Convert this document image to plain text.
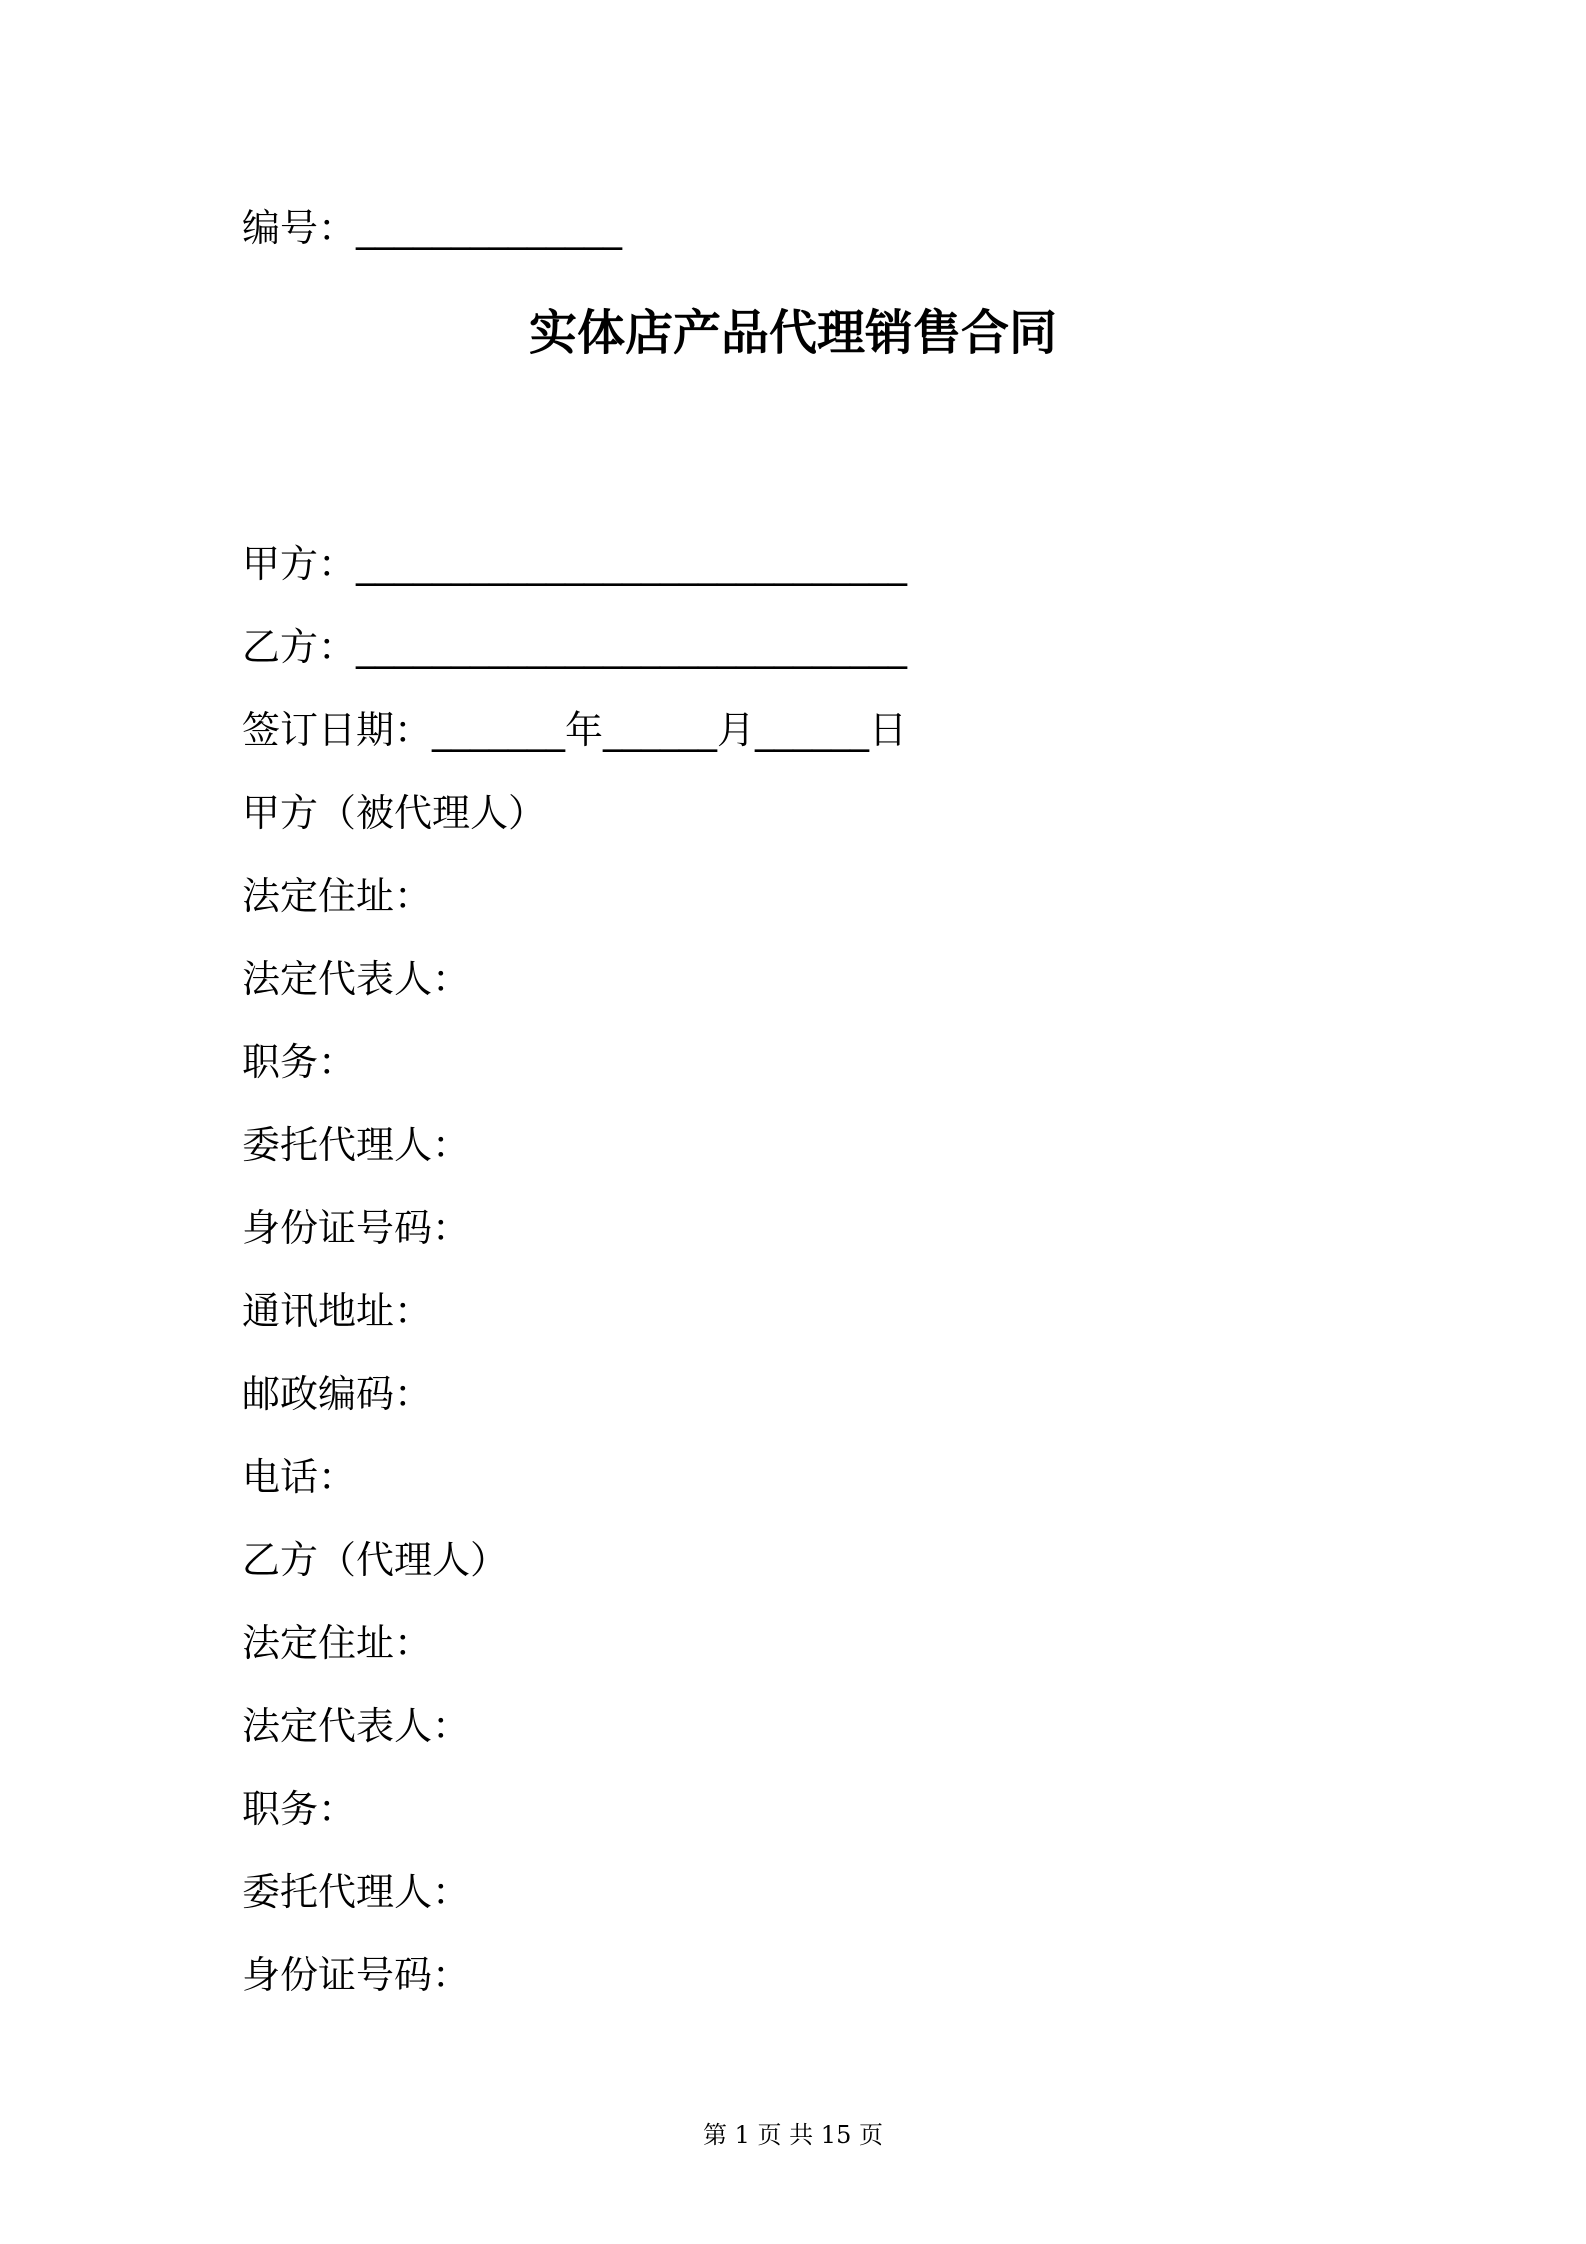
编号：______________
实体店产品代理销售合同
甲方：_____________________________
乙方：_____________________________
签订日期：_______年______月______日
甲方（被代理人）
法定住址：
法定代表人：
职务：
委托代理人：
身份证号码：
通讯地址：
邮政编码：
电话：
乙方（代理人）
法定住址：
法定代表人：
职务：
委托代理人：
身份证号码：
第 1 页 共 15 页
